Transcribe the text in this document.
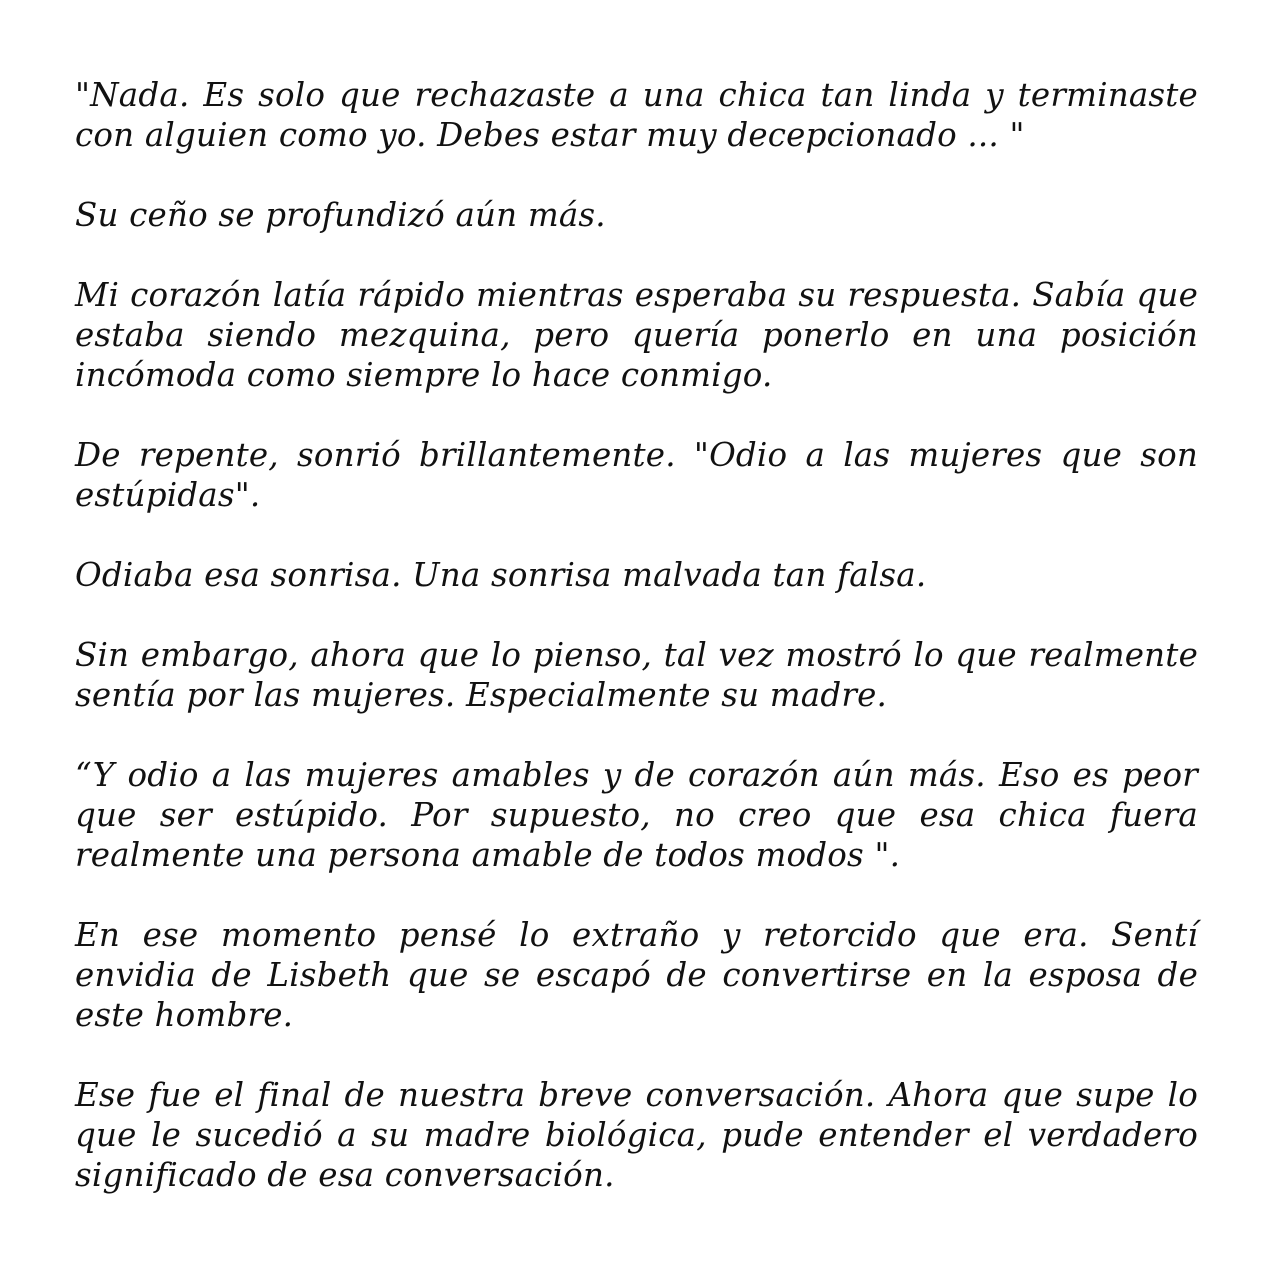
"Nada. Es solo que rechazaste a una chica tan linda y terminaste con alguien como yo. Debes estar muy decepcionado ... "

Su ceño se profundizó aún más.

Mi corazón latía rápido mientras esperaba su respuesta. Sabía que estaba siendo mezquina, pero quería ponerlo en una posición incómoda como siempre lo hace conmigo.

De repente, sonrió brillantemente. "Odio a las mujeres que son estúpidas".

Odiaba esa sonrisa. Una sonrisa malvada tan falsa.

Sin embargo, ahora que lo pienso, tal vez mostró lo que realmente sentía por las mujeres. Especialmente su madre.

“Y odio a las mujeres amables y de corazón aún más. Eso es peor que ser estúpido. Por supuesto, no creo que esa chica fuera realmente una persona amable de todos modos ".

En ese momento pensé lo extraño y retorcido que era. Sentí envidia de Lisbeth que se escapó de convertirse en la esposa de este hombre.

Ese fue el final de nuestra breve conversación. Ahora que supe lo que le sucedió a su madre biológica, pude entender el verdadero significado de esa conversación.
